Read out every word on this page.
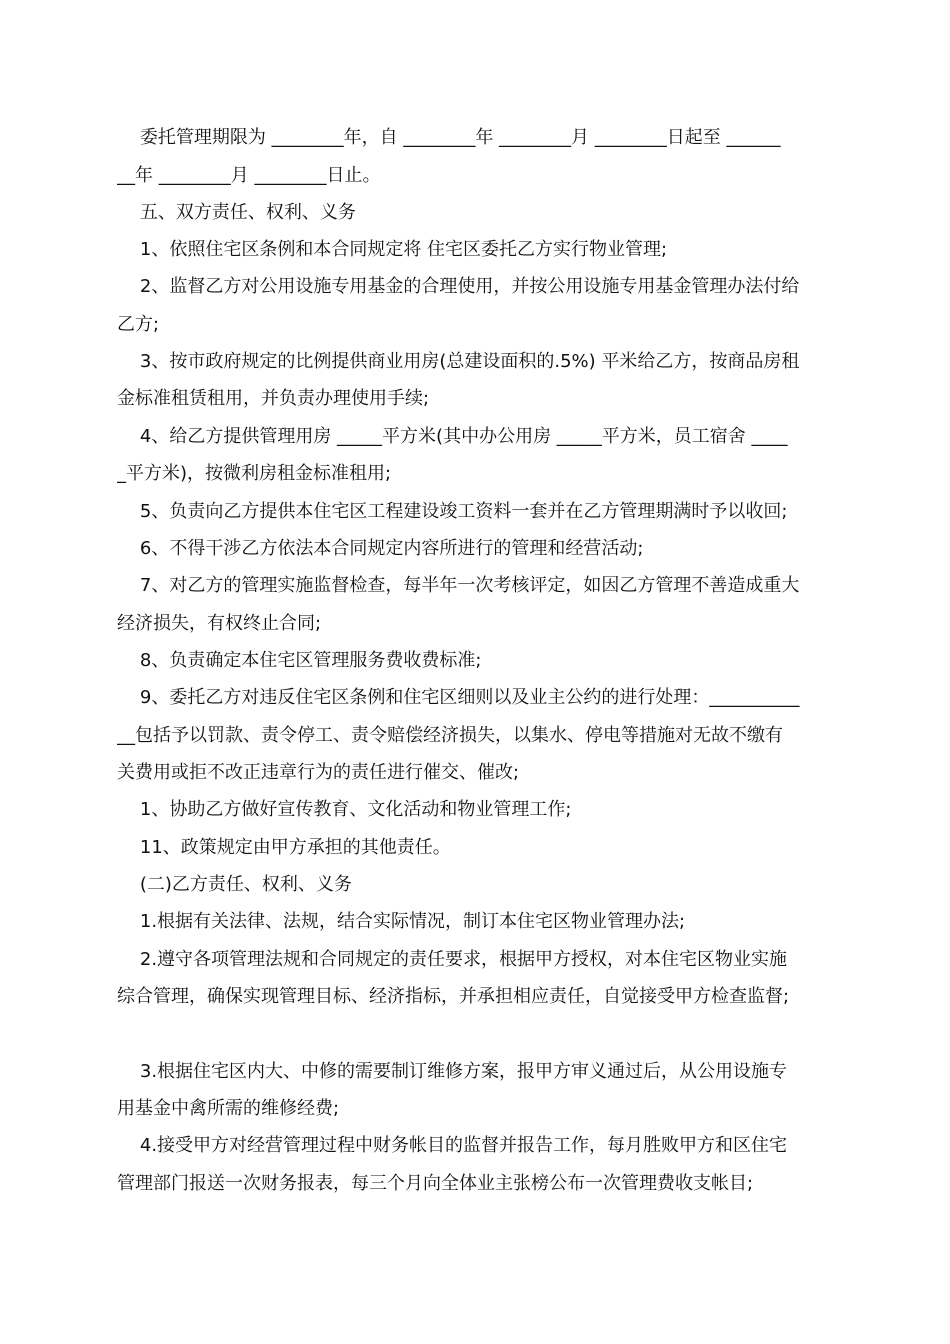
委托管理期限为 ________年，自 ________年 ________月 ________日起至 ______
__年 ________月 ________日止。
五、双方责任、权利、义务
1、依照住宅区条例和本合同规定将 住宅区委托乙方实行物业管理;
2、监督乙方对公用设施专用基金的合理使用，并按公用设施专用基金管理办法付给
乙方;
3、按市政府规定的比例提供商业用房(总建设面积的.5%) 平米给乙方，按商品房租
金标准租赁租用，并负责办理使用手续;
4、给乙方提供管理用房 _____平方米(其中办公用房 _____平方米，员工宿舍 ____
_平方米)，按微利房租金标准租用;
5、负责向乙方提供本住宅区工程建设竣工资料一套并在乙方管理期满时予以收回;
6、不得干涉乙方依法本合同规定内容所进行的管理和经营活动;
7、对乙方的管理实施监督检查，每半年一次考核评定，如因乙方管理不善造成重大
经济损失，有权终止合同;
8、负责确定本住宅区管理服务费收费标准;
9、委托乙方对违反住宅区条例和住宅区细则以及业主公约的进行处理：__________
__包括予以罚款、责令停工、责令赔偿经济损失，以集水、停电等措施对无故不缴有
关费用或拒不改正违章行为的责任进行催交、催改;
1、协助乙方做好宣传教育、文化活动和物业管理工作;
11、政策规定由甲方承担的其他责任。
(二)乙方责任、权利、义务
1.根据有关法律、法规，结合实际情况，制订本住宅区物业管理办法;
2.遵守各项管理法规和合同规定的责任要求，根据甲方授权，对本住宅区物业实施
综合管理，确保实现管理目标、经济指标，并承担相应责任，自觉接受甲方检查监督;
3.根据住宅区内大、中修的需要制订维修方案，报甲方审义通过后，从公用设施专
用基金中禽所需的维修经费;
4.接受甲方对经营管理过程中财务帐目的监督并报告工作，每月胜败甲方和区住宅
管理部门报送一次财务报表，每三个月向全体业主张榜公布一次管理费收支帐目;
